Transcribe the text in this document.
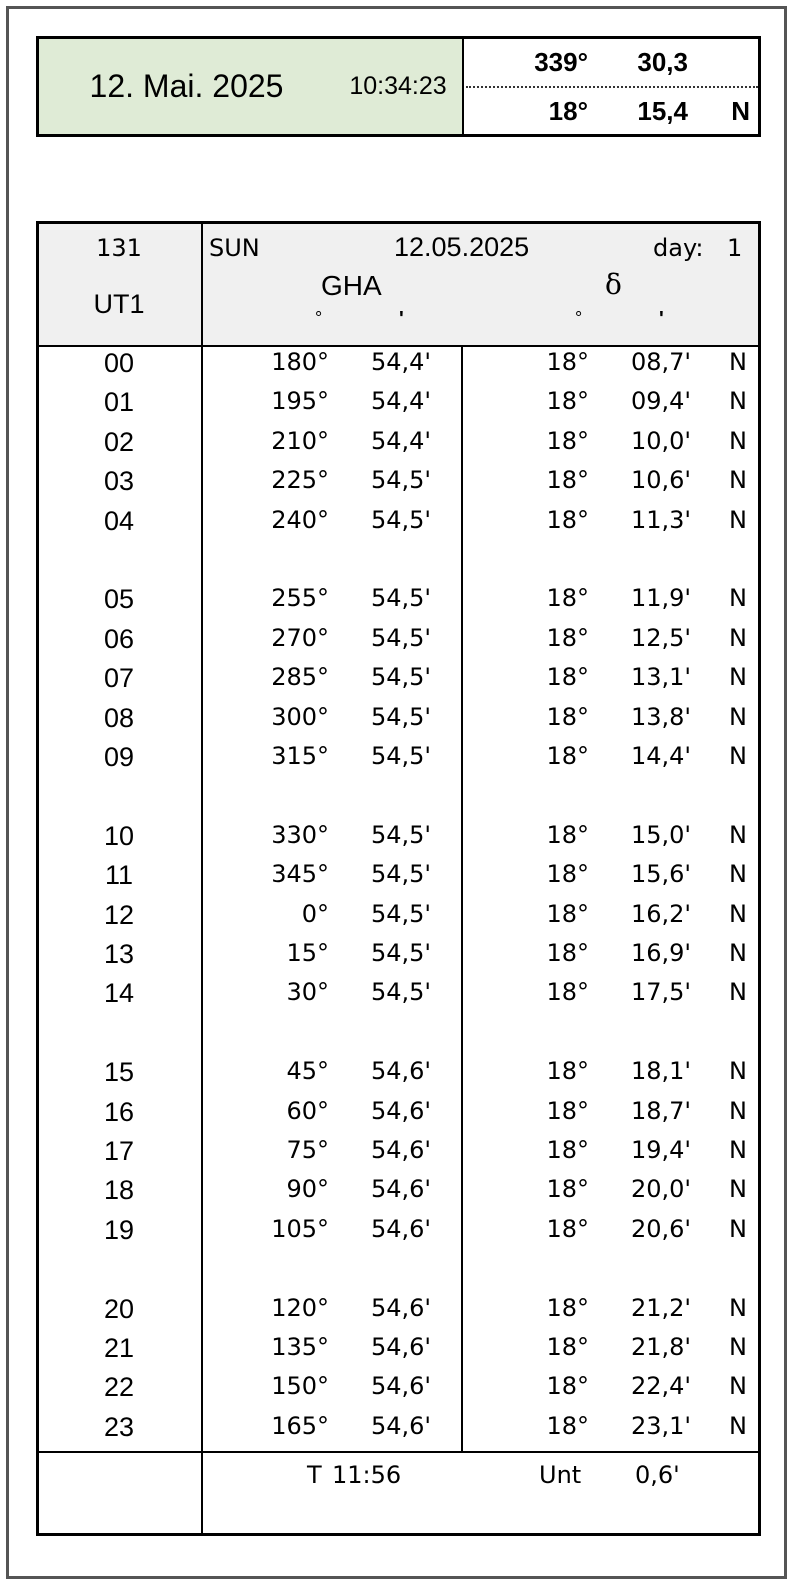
12. Mai. 2025	10:34:23
339° 30,3
18° 15,4 N
131	SUN	12.05.2025	day: 1
UT1
GHA
°	'
δ
°	'
00	180°	54,4'	18°	08,7' N
01	195°	54,4'	18°	09,4' N
02	210°	54,4'	18°	10,0' N
03	225°	54,5'	18°	10,6' N
04	240°	54,5'	18°	11,3' N
05	255°	54,5'	18°	11,9' N
06	270°	54,5'	18°	12,5' N
07	285°	54,5'	18°	13,1' N
08	300°	54,5'	18°	13,8' N
09	315°	54,5'	18°	14,4' N
10	330°	54,5'	18°	15,0' N
11	345°	54,5'	18°	15,6' N
12	0°	54,5'	18°	16,2' N
13	15°	54,5'	18°	16,9' N
14	30°	54,5'	18°	17,5' N
15	45°	54,6'	18°	18,1' N
16	60°	54,6'	18°	18,7' N
17	75°	54,6'	18°	19,4' N
18	90°	54,6'	18°	20,0' N
19	105°	54,6'	18°	20,6' N
20	120°	54,6'	18°	21,2' N
21	135°	54,6'	18°	21,8' N
22	150°	54,6'	18°	22,4' N
23	165°	54,6'	18°	23,1' N
T 11:56	Unt 0,6'
